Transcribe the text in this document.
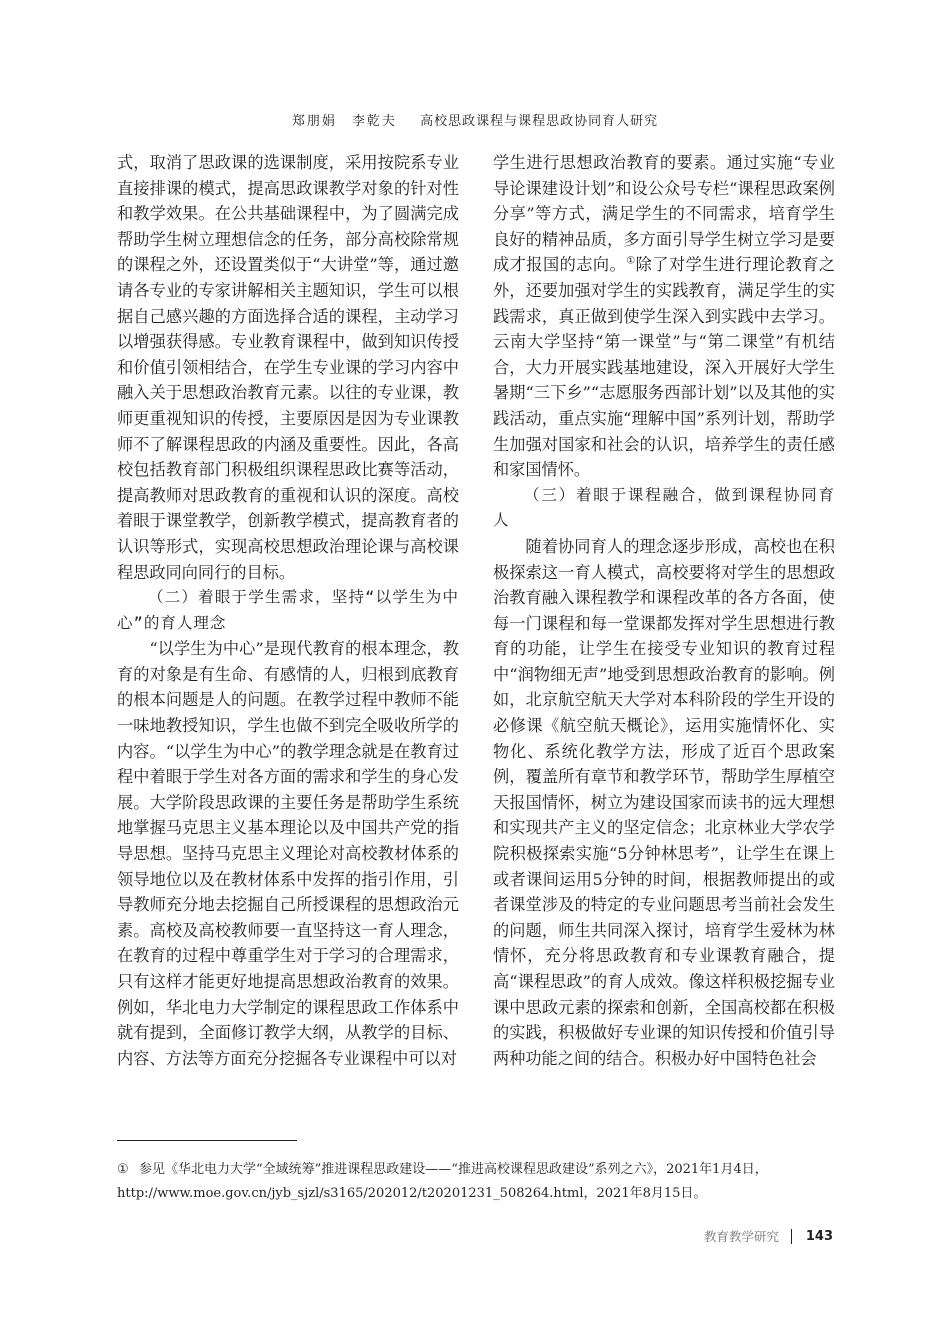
郑朋娟　李乾夫 高校思政课程与课程思政协同育人研究

式，取消了思政课的选课制度，采用按院系专业直接排课的模式，提高思政课教学对象的针对性和教学效果。在公共基础课程中，为了圆满完成帮助学生树立理想信念的任务，部分高校除常规的课程之外，还设置类似于“大讲堂”等，通过邀请各专业的专家讲解相关主题知识，学生可以根据自己感兴趣的方面选择合适的课程，主动学习以增强获得感。专业教育课程中，做到知识传授和价值引领相结合，在学生专业课的学习内容中融入关于思想政治教育元素。以往的专业课，教师更重视知识的传授，主要原因是因为专业课教师不了解课程思政的内涵及重要性。因此，各高校包括教育部门积极组织课程思政比赛等活动，提高教师对思政教育的重视和认识的深度。高校着眼于课堂教学，创新教学模式，提高教育者的认识等形式，实现高校思想政治理论课与高校课程思政同向同行的目标。

（二）着眼于学生需求，坚持“以学生为中心”的育人理念

“以学生为中心”是现代教育的根本理念，教育的对象是有生命、有感情的人，归根到底教育的根本问题是人的问题。在教学过程中教师不能一味地教授知识，学生也做不到完全吸收所学的内容。“以学生为中心”的教学理念就是在教育过程中着眼于学生对各方面的需求和学生的身心发展。大学阶段思政课的主要任务是帮助学生系统地掌握马克思主义基本理论以及中国共产党的指导思想。坚持马克思主义理论对高校教材体系的领导地位以及在教材体系中发挥的指引作用，引导教师充分地去挖掘自己所授课程的思想政治元素。高校及高校教师要一直坚持这一育人理念，在教育的过程中尊重学生对于学习的合理需求，只有这样才能更好地提高思想政治教育的效果。例如，华北电力大学制定的课程思政工作体系中就有提到，全面修订教学大纲，从教学的目标、内容、方法等方面充分挖掘各专业课程中可以对

学生进行思想政治教育的要素。通过实施“专业导论课建设计划”和设公众号专栏“课程思政案例分享”等方式，满足学生的不同需求，培育学生良好的精神品质，多方面引导学生树立学习是要成才报国的志向。①除了对学生进行理论教育之外，还要加强对学生的实践教育，满足学生的实践需求，真正做到使学生深入到实践中去学习。云南大学坚持“第一课堂”与“第二课堂”有机结合，大力开展实践基地建设，深入开展好大学生暑期“三下乡”“志愿服务西部计划”以及其他的实践活动，重点实施“理解中国”系列计划，帮助学生加强对国家和社会的认识，培养学生的责任感和家国情怀。

（三）着眼于课程融合，做到课程协同育人

随着协同育人的理念逐步形成，高校也在积极探索这一育人模式，高校要将对学生的思想政治教育融入课程教学和课程改革的各方各面，使每一门课程和每一堂课都发挥对学生思想进行教育的功能，让学生在接受专业知识的教育过程中“润物细无声”地受到思想政治教育的影响。例如，北京航空航天大学对本科阶段的学生开设的必修课《航空航天概论》，运用实施情怀化、实物化、系统化教学方法，形成了近百个思政案例，覆盖所有章节和教学环节，帮助学生厚植空天报国情怀，树立为建设国家而读书的远大理想和实现共产主义的坚定信念；北京林业大学农学院积极探索实施“5分钟林思考”，让学生在课上或者课间运用5分钟的时间，根据教师提出的或者课堂涉及的特定的专业问题思考当前社会发生的问题，师生共同深入探讨，培育学生爱林为林情怀，充分将思政教育和专业课教育融合，提高“课程思政”的育人成效。像这样积极挖掘专业课中思政元素的探索和创新，全国高校都在积极的实践，积极做好专业课的知识传授和价值引导两种功能之间的结合。积极办好中国特色社会

① 参见《华北电力大学“全域统筹”推进课程思政建设——“推进高校课程思政建设”系列之六》，2021年1月4日，http://www.moe.gov.cn/jyb_sjzl/s3165/202012/t20201231_508264.html，2021年8月15日。
教育教学研究 143
